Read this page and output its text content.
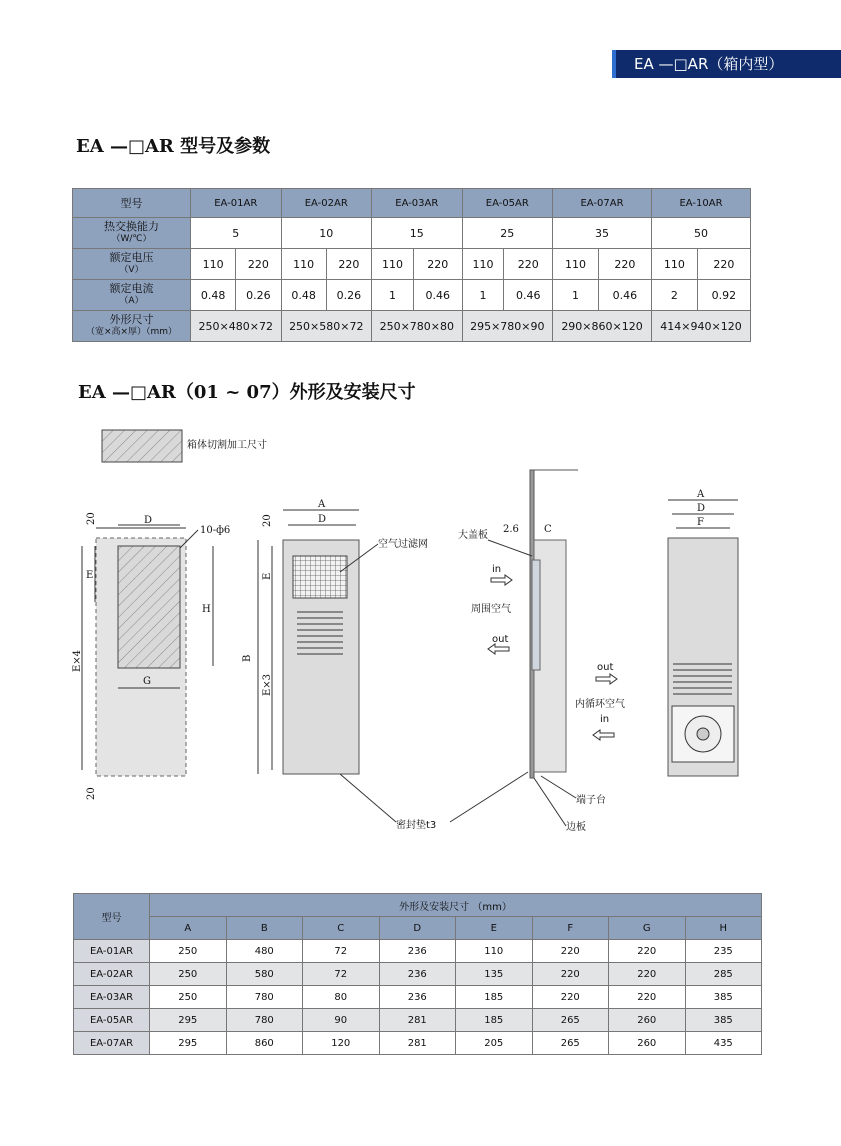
EA —□AR（箱内型）
EA —□AR 型号及参数
型号	EA-01AR		EA-02AR		EA-03AR		EA-05AR		EA-07AR		EA-10AR	
热交换能力
（W/℃）	5		10		15		25		35		50	
额定电压
（V）	110	220	110	220	110	220	110	220	110	220	110	220
额定电流
（A）	0.48	0.26	0.48	0.26	1	0.46	1	0.46	1	0.46	2	0.92
外形尺寸
（宽×高×厚）（mm）	250×480×72		250×580×72		250×780×80		295×780×90		290×860×120		414×940×120	
EA —□AR（01 ~ 07）外形及安装尺寸
箱体切割加工尺寸
D
10-ф6
E
H
G
E×4
20
20
A
D
空气过滤网
B
E
E×3
20
大盖板
2.6	C
in
周围空气
out
out
内循环空气
in
端子台
边板
A
D
F
密封垫t3
型号	外形及安装尺寸 （mm）							
	A	B	C	D	E	F	G	H
EA-01AR	250	480	72	236	110	220	220	235
EA-02AR	250	580	72	236	135	220	220	285
EA-03AR	250	780	80	236	185	220	220	385
EA-05AR	295	780	90	281	185	265	260	385
EA-07AR	295	860	120	281	205	265	260	435
